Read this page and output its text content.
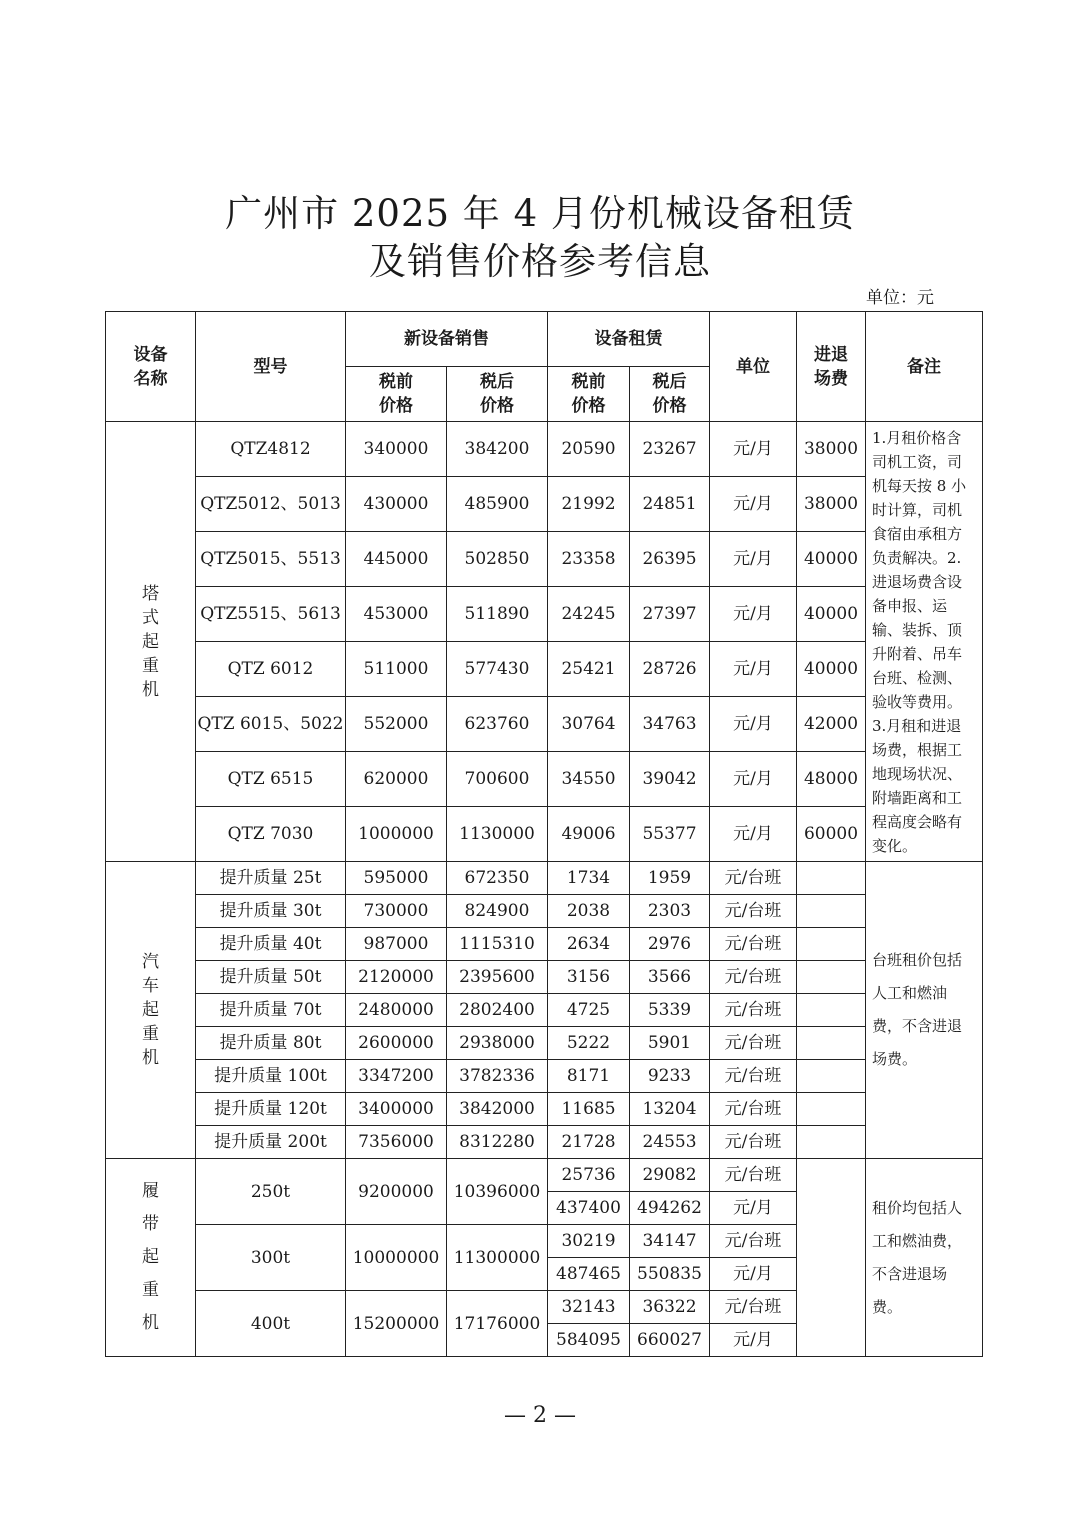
广州市 2025 年 4 月份机械设备租赁
及销售价格参考信息
单位：元
设备名称	型号	新设备销售		设备租赁		单位	进退场费	备注
		税前价格	税后价格	税前价格	税后价格			
塔式起重机	QTZ4812	340000	384200	20590	23267	元/月	38000	1.月租价格含司机工资，司机每天按 8 小时计算，司机食宿由承租方负责解决。2.进退场费含设备申报、运输、装拆、顶升附着、吊车台班、检测、验收等费用。3.月租和进退场费，根据工地现场状况、附墙距离和工程高度会略有变化。
	QTZ5012、5013	430000	485900	21992	24851	元/月	38000	
	QTZ5015、5513	445000	502850	23358	26395	元/月	40000	
	QTZ5515、5613	453000	511890	24245	27397	元/月	40000	
	QTZ 6012	511000	577430	25421	28726	元/月	40000	
	QTZ 6015、5022	552000	623760	30764	34763	元/月	42000	
	QTZ 6515	620000	700600	34550	39042	元/月	48000	
	QTZ 7030	1000000	1130000	49006	55377	元/月	60000	
汽车起重机	提升质量 25t	595000	672350	1734	1959	元/台班		台班租价包括人工和燃油费，不含进退场费。
	提升质量 30t	730000	824900	2038	2303	元/台班		
	提升质量 40t	987000	1115310	2634	2976	元/台班		
	提升质量 50t	2120000	2395600	3156	3566	元/台班		
	提升质量 70t	2480000	2802400	4725	5339	元/台班		
	提升质量 80t	2600000	2938000	5222	5901	元/台班		
	提升质量 100t	3347200	3782336	8171	9233	元/台班		
	提升质量 120t	3400000	3842000	11685	13204	元/台班		
	提升质量 200t	7356000	8312280	21728	24553	元/台班		
履带起重机	250t	9200000	10396000	25736	29082	元/台班		租价均包括人工和燃油费，不含进退场费。
				437400	494262	元/月		
	300t	10000000	11300000	30219	34147	元/台班		
				487465	550835	元/月		
	400t	15200000	17176000	32143	36322	元/台班		
				584095	660027	元/月		
— 2 —
